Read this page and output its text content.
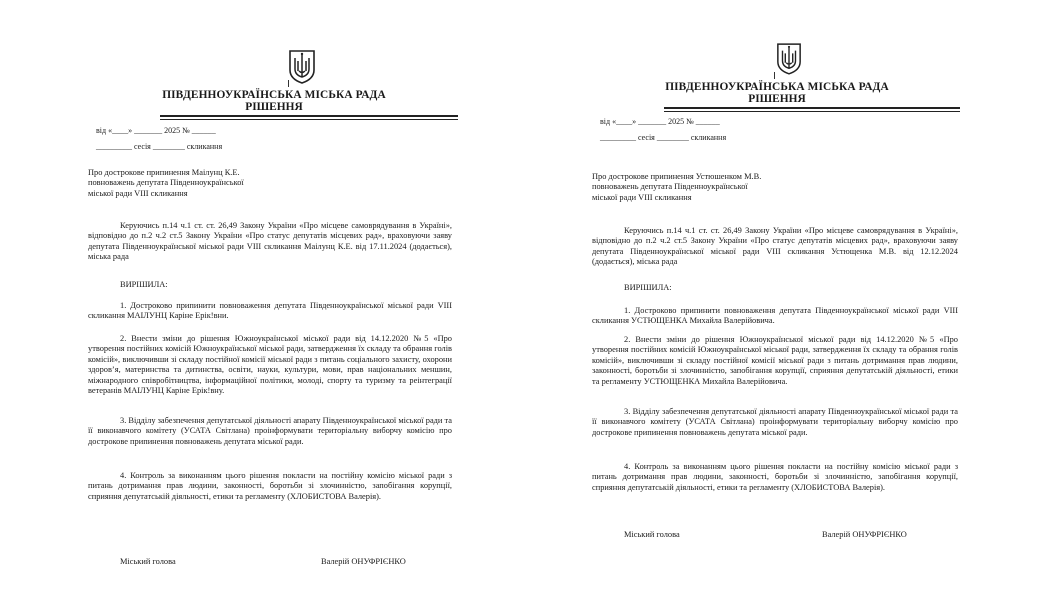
ПІВДЕННОУКРАЇНСЬКА МІСЬКА РАДА
РІШЕННЯ
від «____» _______ 2025 № ______
_________ сесія ________ скликання
Про дострокове припинення Маілунц К.Е.
повноважень депутата Південноукраїнської
міської ради VIII скликання
Керуючись п.14 ч.1 ст. ст. 26,49 Закону України «Про місцеве самоврядування в Україні», відповідно до п.2 ч.2 ст.5 Закону України «Про статус депутатів місцевих рад», враховуючи заяву депутата Південноукраїнської міської ради VIII скликання Маілунц К.Е. від 17.11.2024 (додається), міська рада
ВИРІШИЛА:
1. Достроково припинити повноваження депутата Південноукраїнської міської ради VIII скликання МАІЛУНЦ Каріне Ерік!вни.
2. Внести зміни до рішення Южноукраїнської міської ради від 14.12.2020 №5 «Про утворення постійних комісій Южноукраїнської міської ради, затвердження їх складу та обрання голів комісій», виключивши зі складу постійної комісії міської ради з питань соціального захисту, охорони здоров’я, материнства та дитинства, освіти, науки, культури, мови, прав національних меншин, міжнародного співробітництва, інформаційної політики, молоді, спорту та туризму та реінтеграції ветеранів МАІЛУНЦ Каріне Ерік!вну.
3. Відділу забезпечення депутатської діяльності апарату Південноукраїнської міської ради та її виконавчого комітету (УСАТА Світлана) проінформувати територіальну виборчу комісію про дострокове припинення повноважень депутата міської ради.
4. Контроль за виконанням цього рішення покласти на постійну комісію міської ради з питань дотримання прав людини, законності, боротьби зі злочинністю, запобігання корупції, сприяння депутатській діяльності, етики та регламенту (ХЛОБИСТОВА Валерія).
Міський голова	Валерій ОНУФРІЄНКО
ПІВДЕННОУКРАЇНСЬКА МІСЬКА РАДА
РІШЕННЯ
від «____» _______ 2025 № ______
_________ сесія ________ скликання
Про дострокове припинення Устюшенком М.В.
повноважень депутата Південноукраїнської
міської ради VIII скликання
Керуючись п.14 ч.1 ст. ст. 26,49 Закону України «Про місцеве самоврядування в Україні», відповідно до п.2 ч.2 ст.5 Закону України «Про статус депутатів місцевих рад», враховуючи заяву депутата Південноукраїнської міської ради VIII скликання Устющенка М.В. від 12.12.2024 (додається), міська рада
ВИРІШИЛА:
1. Достроково припинити повноваження депутата Південноукраїнської міської ради VIII скликання УСТЮЩЕНКА Михайла Валерійовича.
2. Внести зміни до рішення Южноукраїнської міської ради від 14.12.2020 №5 «Про утворення постійних комісій Южноукраїнської міської ради, затвердження їх складу та обрання голів комісій», виключивши зі складу постійної комісії міської ради з питань дотримання прав людини, законності, боротьби зі злочинністю, запобігання корупції, сприяння депутатській діяльності, етики та регламенту УСТЮЩЕНКА Михайла Валерійовича.
3. Відділу забезпечення депутатської діяльності апарату Південноукраїнської міської ради та її виконавчого комітету (УСАТА Світлана) проінформувати територіальну виборчу комісію про дострокове припинення повноважень депутата міської ради.
4. Контроль за виконанням цього рішення покласти на постійну комісію міської ради з питань дотримання прав людини, законності, боротьби зі злочинністю, запобігання корупції, сприяння депутатській діяльності, етики та регламенту (ХЛОБИСТОВА Валерія).
Міський голова	Валерій ОНУФРІЄНКО
